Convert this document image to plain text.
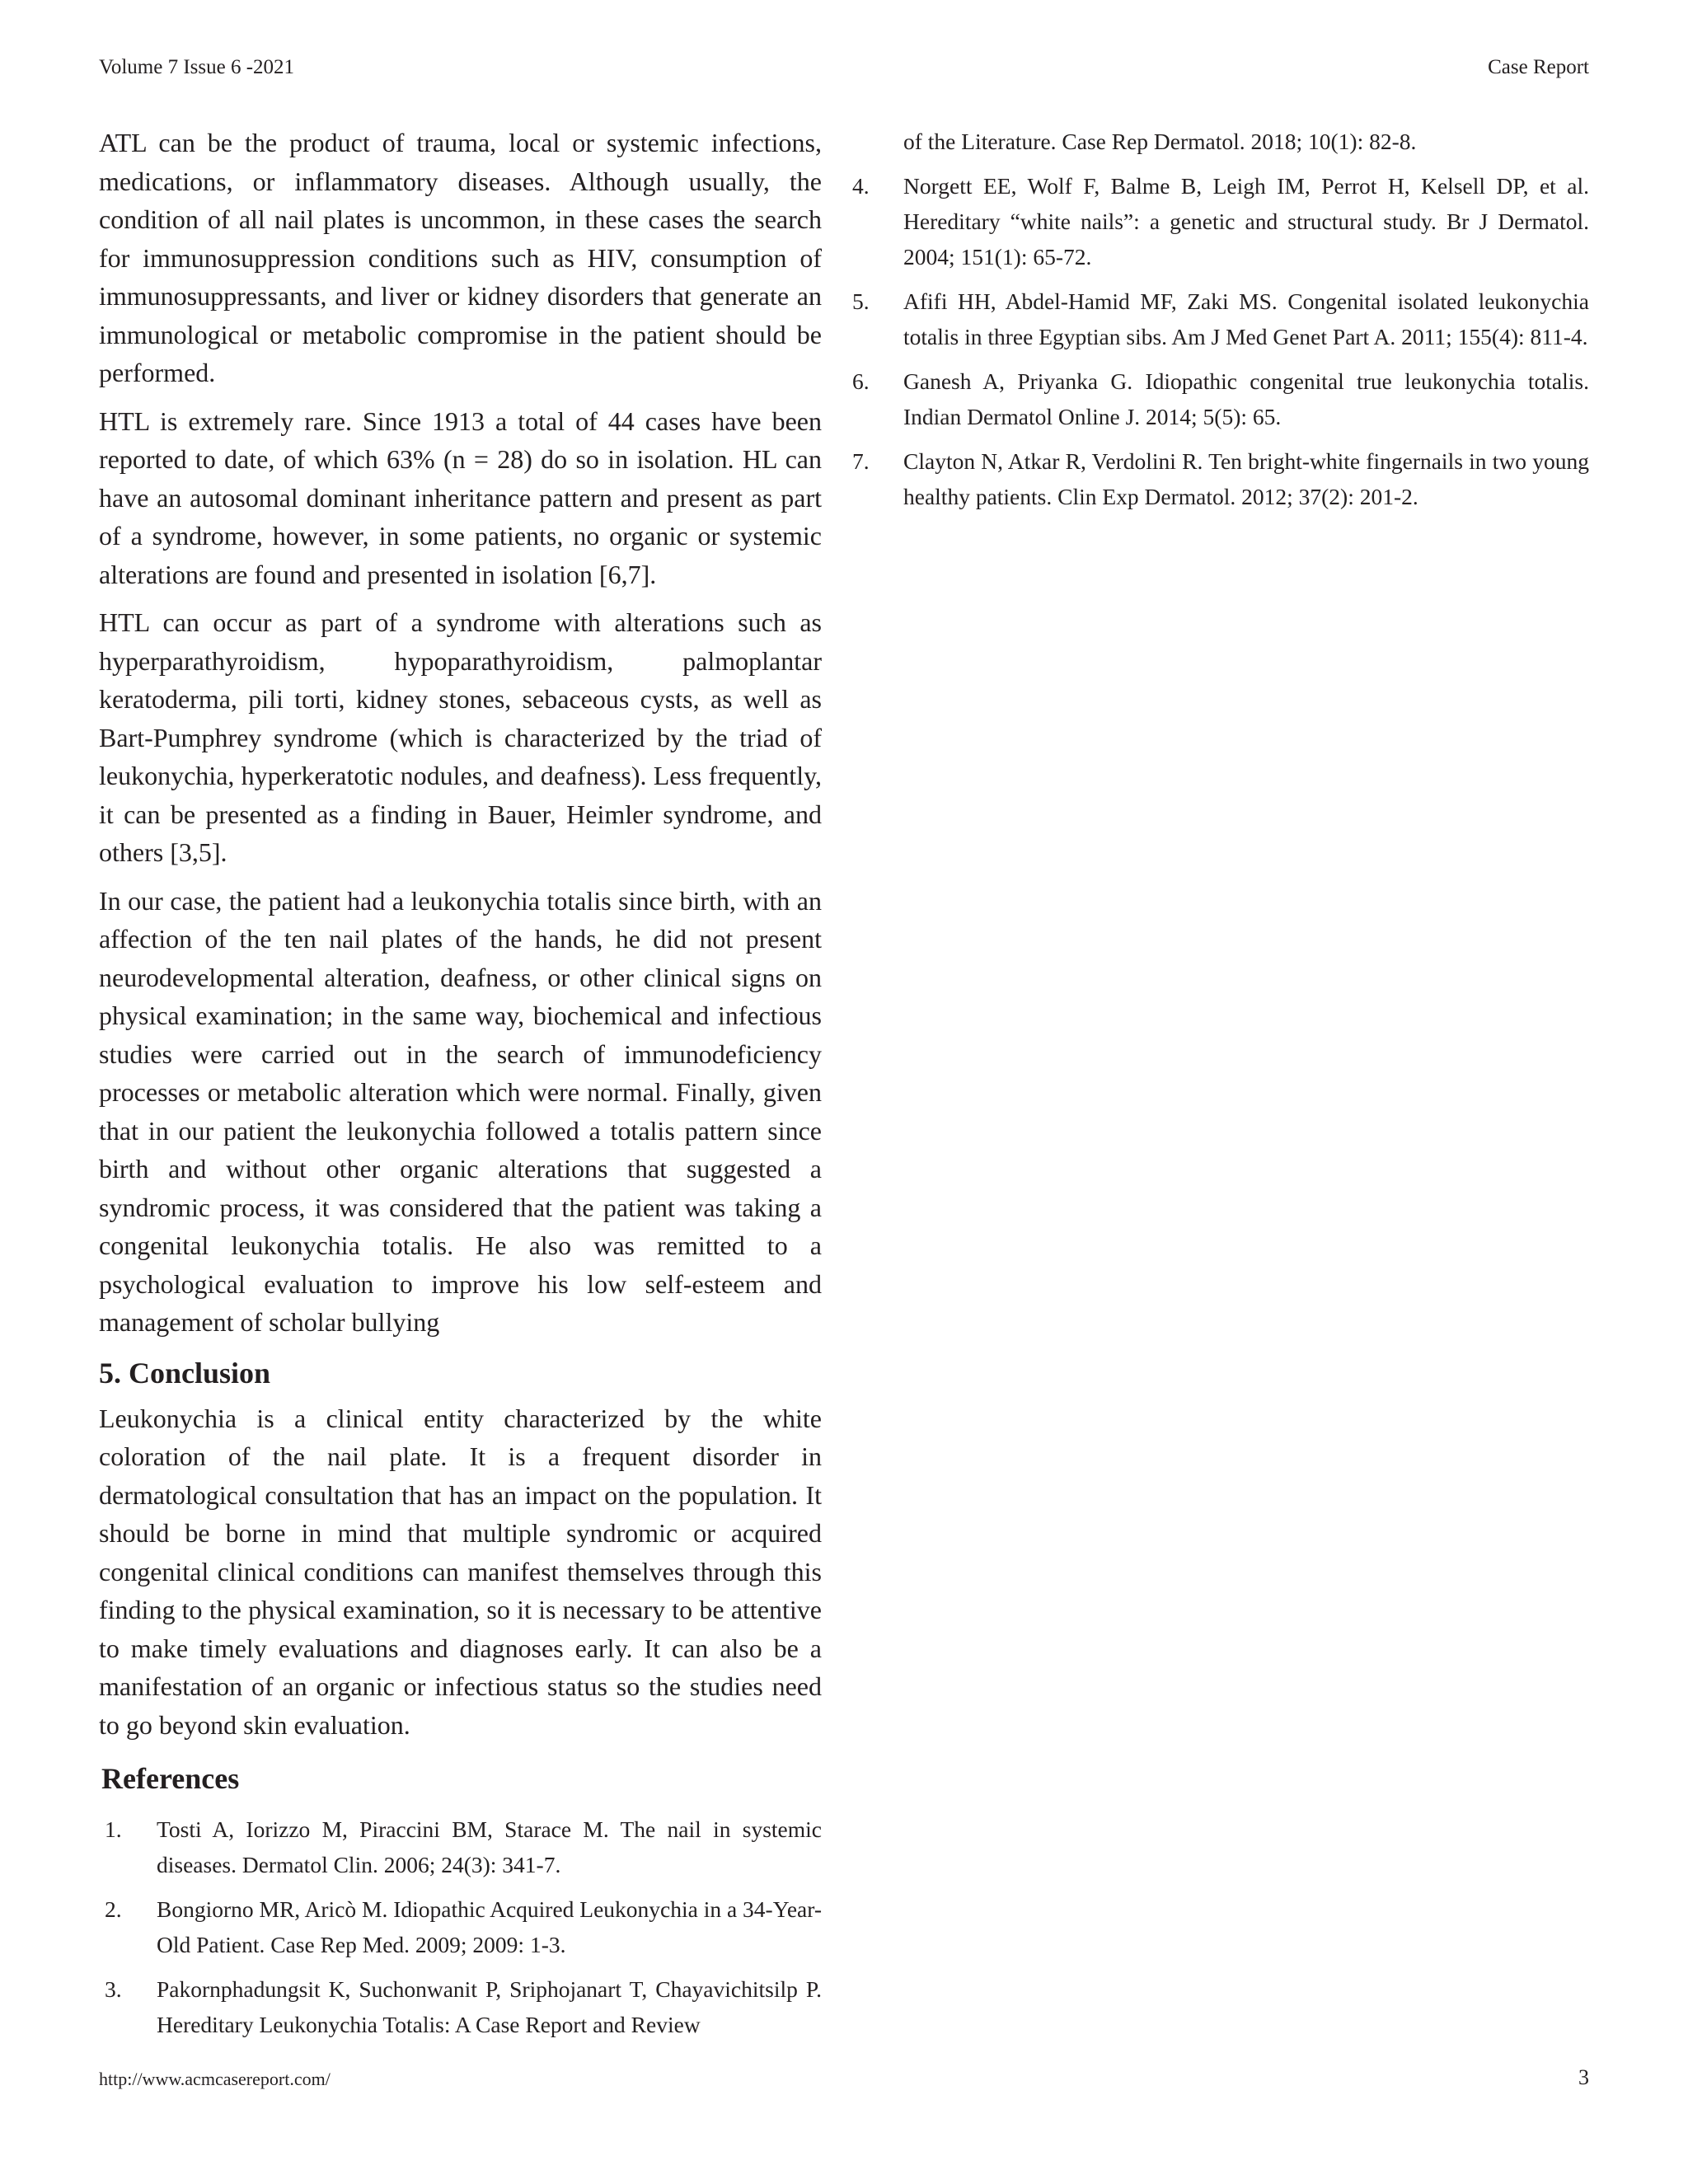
Volume 7 Issue 6 -2021	Case Report

ATL can be the product of trauma, local or systemic infections, medications, or inflammatory diseases. Although usually, the condition of all nail plates is uncommon, in these cases the search for immunosuppression conditions such as HIV, consumption of immunosuppressants, and liver or kidney disorders that generate an immunological or metabolic compromise in the patient should be performed.

HTL is extremely rare. Since 1913 a total of 44 cases have been reported to date, of which 63% (n = 28) do so in isolation. HL can have an autosomal dominant inheritance pattern and present as part of a syndrome, however, in some patients, no organic or systemic alterations are found and presented in isolation [6,7].

HTL can occur as part of a syndrome with alterations such as hyperparathyroidism, hypoparathyroidism, palmoplantar keratoderma, pili torti, kidney stones, sebaceous cysts, as well as Bart-Pumphrey syndrome (which is characterized by the triad of leukonychia, hyperkeratotic nodules, and deafness). Less frequently, it can be presented as a finding in Bauer, Heimler syndrome, and others [3,5].

In our case, the patient had a leukonychia totalis since birth, with an affection of the ten nail plates of the hands, he did not present neurodevelopmental alteration, deafness, or other clinical signs on physical examination; in the same way, biochemical and infectious studies were carried out in the search of immunodeficiency processes or metabolic alteration which were normal. Finally, given that in our patient the leukonychia followed a totalis pattern since birth and without other organic alterations that suggested a syndromic process, it was considered that the patient was taking a congenital leukonychia totalis. He also was remitted to a psychological evaluation to improve his low self-esteem and management of scholar bullying

5. Conclusion

Leukonychia is a clinical entity characterized by the white coloration of the nail plate. It is a frequent disorder in dermatological consultation that has an impact on the population. It should be borne in mind that multiple syndromic or acquired congenital clinical conditions can manifest themselves through this finding to the physical examination, so it is necessary to be attentive to make timely evaluations and diagnoses early. It can also be a manifestation of an organic or infectious status so the studies need to go beyond skin evaluation.

References
1. Tosti A, Iorizzo M, Piraccini BM, Starace M. The nail in systemic diseases. Dermatol Clin. 2006; 24(3): 341-7.
2. Bongiorno MR, Aricò M. Idiopathic Acquired Leukonychia in a 34-Year-Old Patient. Case Rep Med. 2009; 2009: 1-3.
3. Pakornphadungsit K, Suchonwanit P, Sriphojanart T, Chayavichitsilp P. Hereditary Leukonychia Totalis: A Case Report and Review
of the Literature. Case Rep Dermatol. 2018; 10(1): 82-8.
4. Norgett EE, Wolf F, Balme B, Leigh IM, Perrot H, Kelsell DP, et al. Hereditary “white nails”: a genetic and structural study. Br J Dermatol. 2004; 151(1): 65-72.
5. Afifi HH, Abdel-Hamid MF, Zaki MS. Congenital isolated leukonychia totalis in three Egyptian sibs. Am J Med Genet Part A. 2011; 155(4): 811-4.
6. Ganesh A, Priyanka G. Idiopathic congenital true leukonychia totalis. Indian Dermatol Online J. 2014; 5(5): 65.
7. Clayton N, Atkar R, Verdolini R. Ten bright-white fingernails in two young healthy patients. Clin Exp Dermatol. 2012; 37(2): 201-2.
http://www.acmcasereport.com/	3
